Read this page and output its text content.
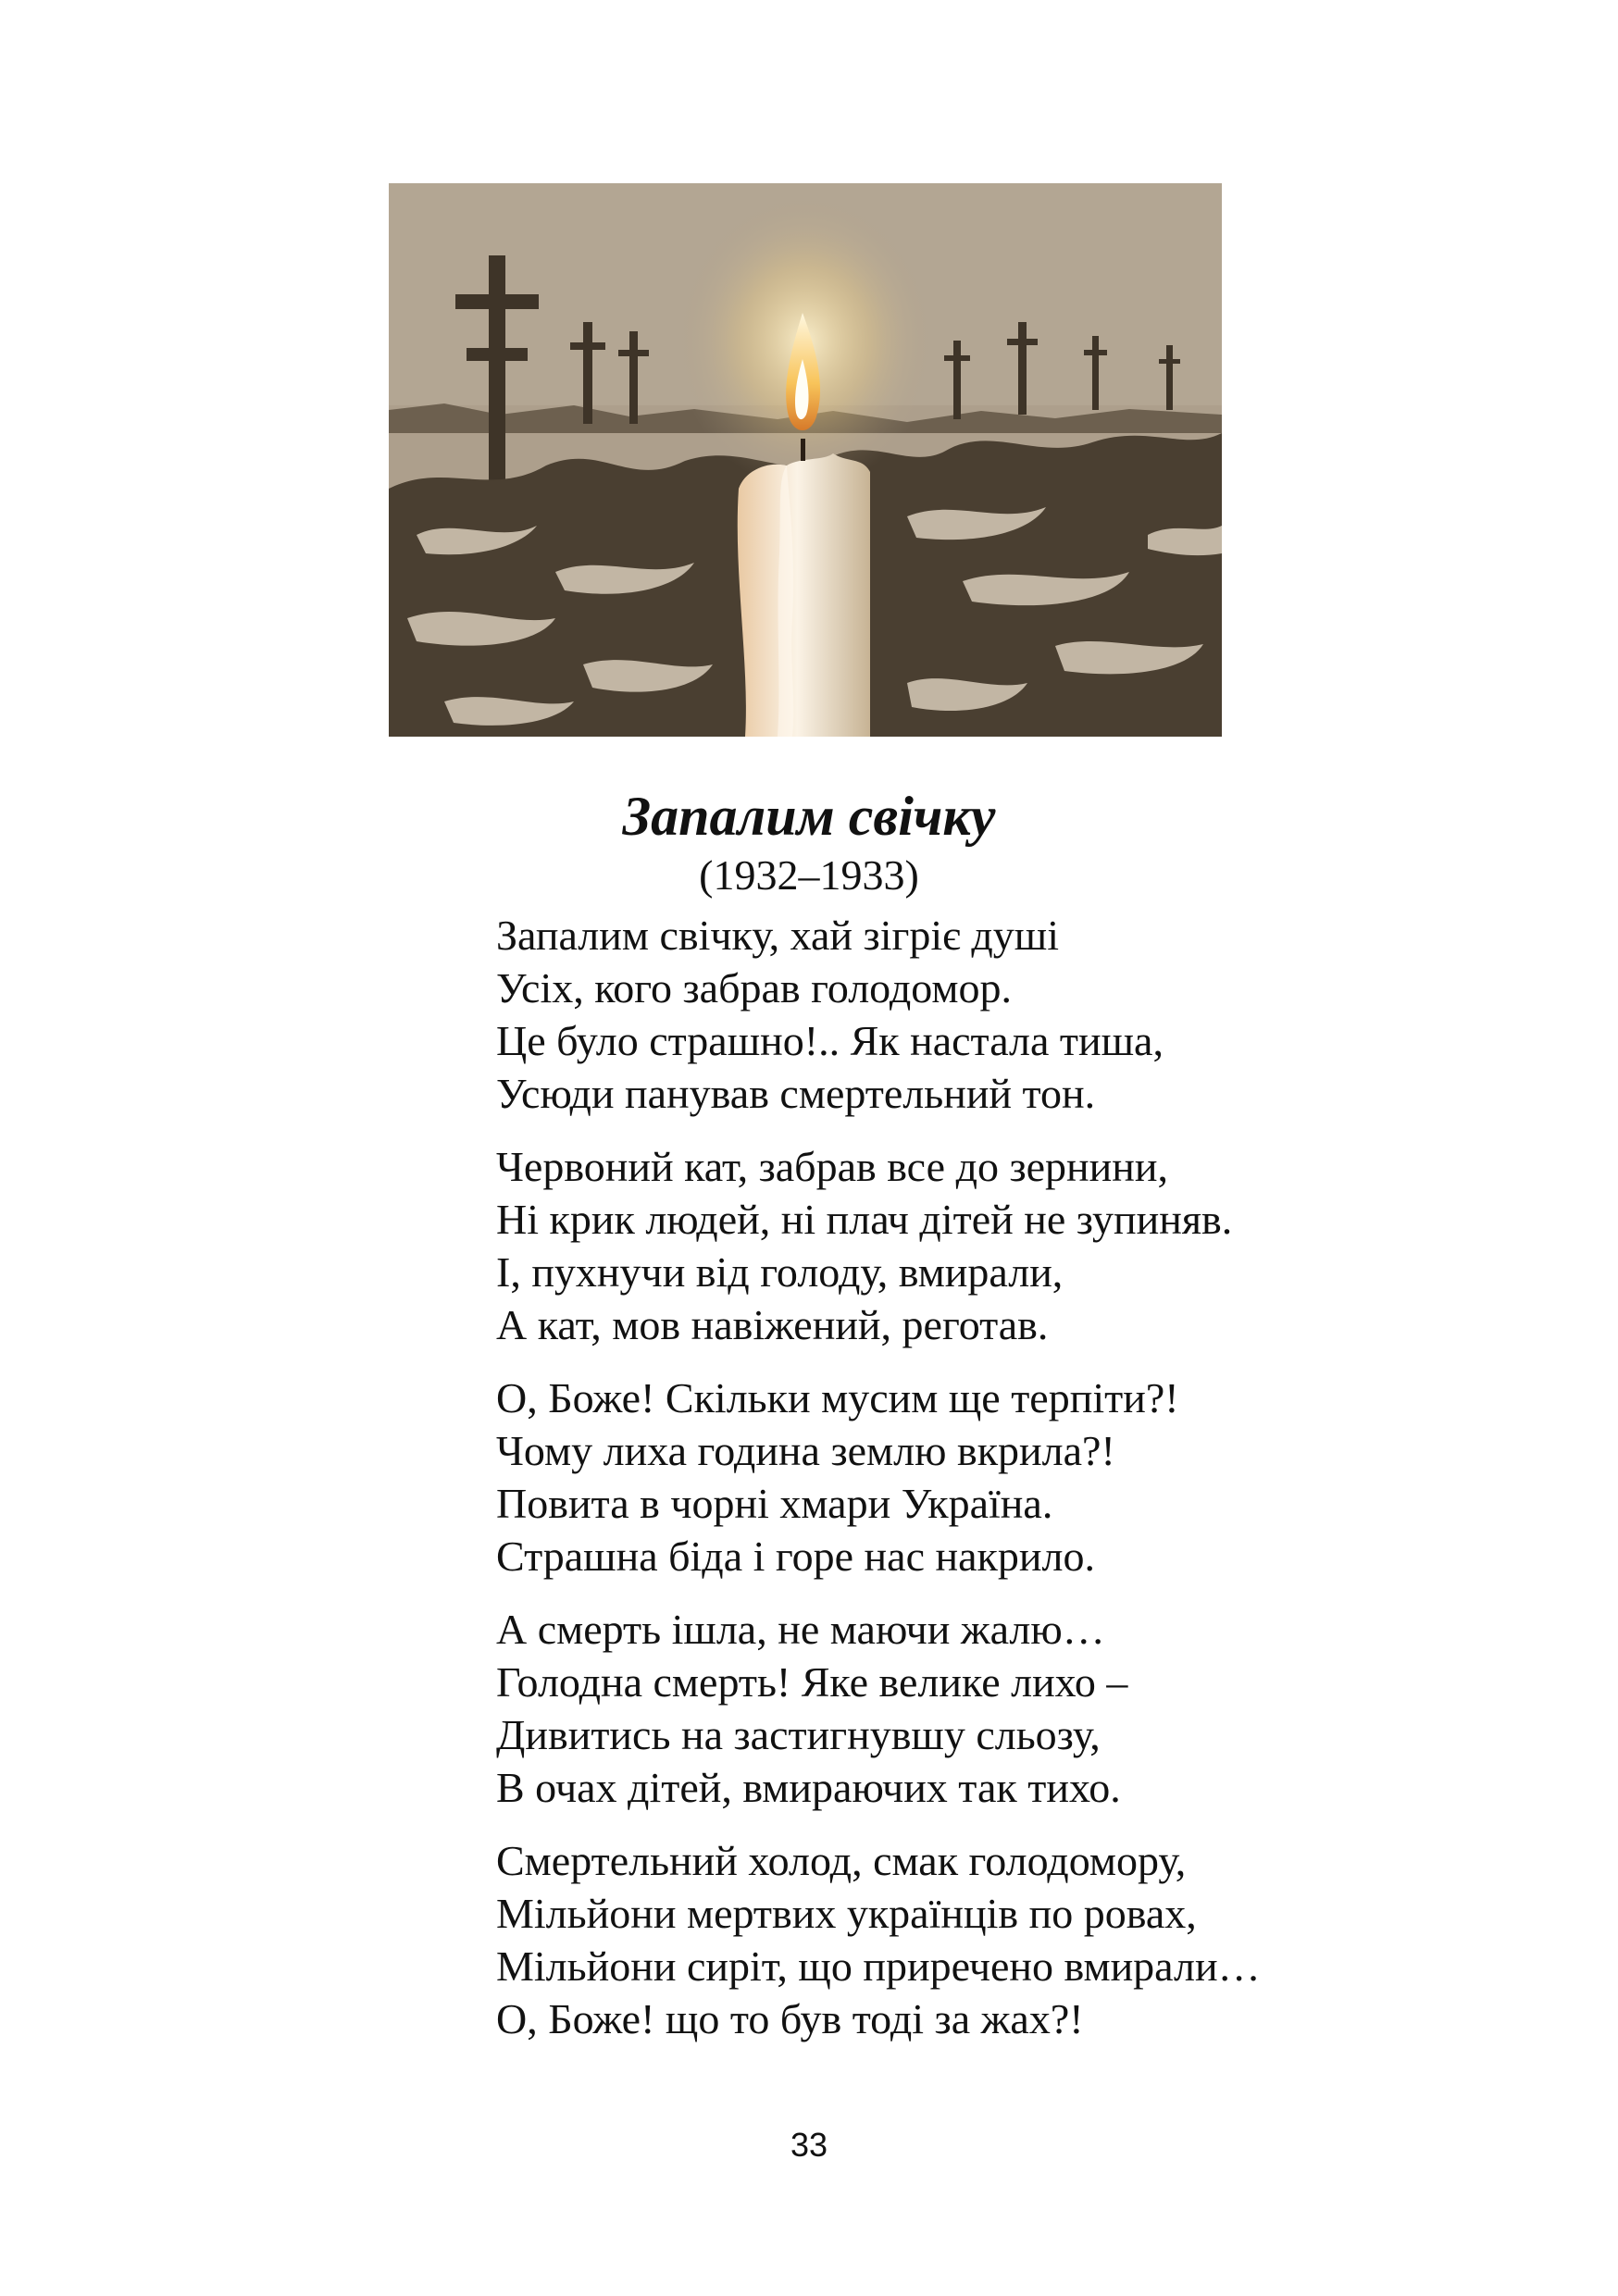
Запалим свічку
(1932–1933)
Запалим свічку, хай зігріє душі
Усіх, кого забрав голодомор.
Це було страшно!.. Як настала тиша,
Усюди панував смертельний тон.
Червоний кат, забрав все до зернини,
Ні крик людей, ні плач дітей не зупиняв.
І, пухнучи від голоду, вмирали,
А кат, мов навіжений, реготав.
О, Боже! Скільки мусим ще терпіти?!
Чому лиха година землю вкрила?!
Повита в чорні хмари Україна.
Страшна біда і горе нас накрило.
А смерть ішла, не маючи жалю…
Голодна смерть! Яке велике лихо –
Дивитись на застигнувшу сльозу,
В очах дітей, вмираючих так тихо.
Смертельний холод, смак голодомору,
Мільйони мертвих українців по ровах,
Мільйони сиріт, що приречено вмирали…
О, Боже! що то був тоді за жах?!
33
